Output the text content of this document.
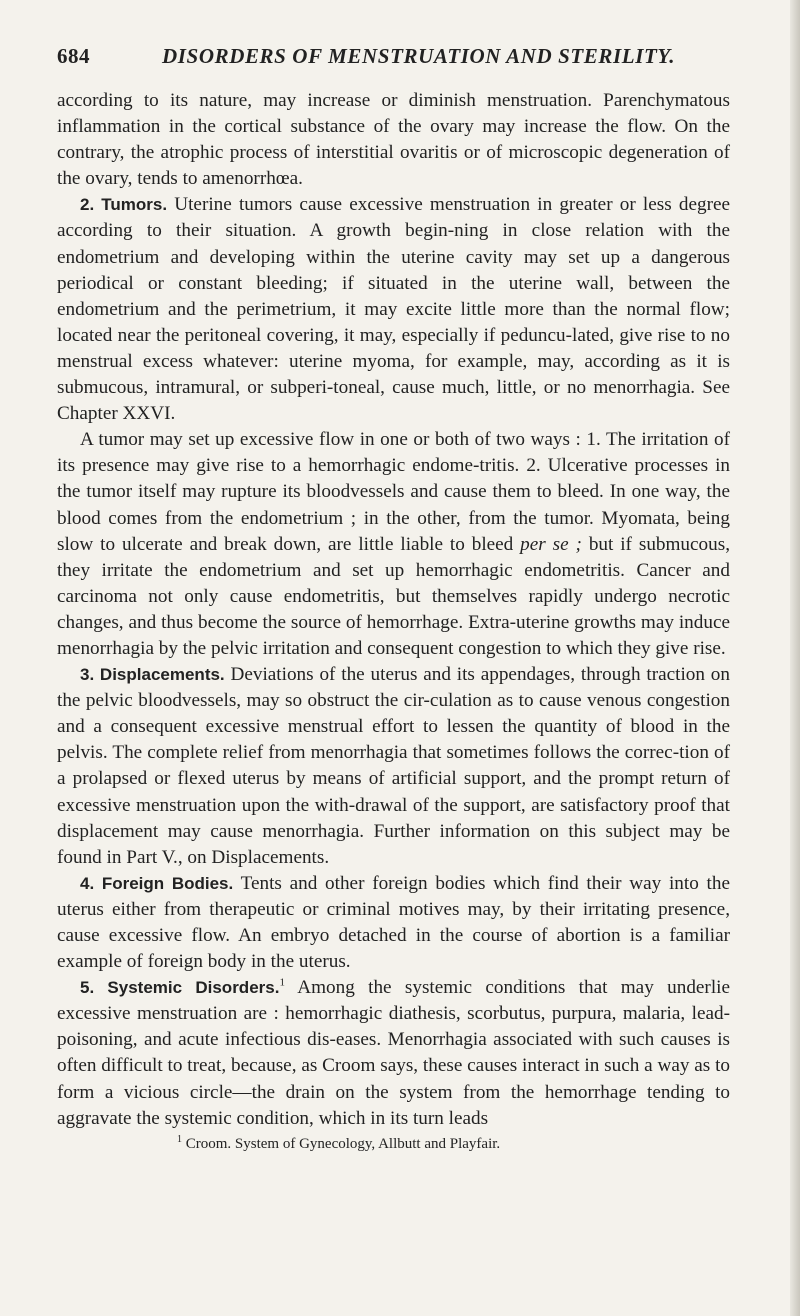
684	DISORDERS OF MENSTRUATION AND STERILITY.

according to its nature, may increase or diminish menstruation. Parenchymatous inflammation in the cortical substance of the ovary may increase the flow. On the contrary, the atrophic process of interstitial ovaritis or of microscopic degeneration of the ovary, tends to amenorrhœa.

2. Tumors. Uterine tumors cause excessive menstruation in greater or less degree according to their situation. A growth begin-ning in close relation with the endometrium and developing within the uterine cavity may set up a dangerous periodical or constant bleeding; if situated in the uterine wall, between the endometrium and the perimetrium, it may excite little more than the normal flow; located near the peritoneal covering, it may, especially if peduncu-lated, give rise to no menstrual excess whatever: uterine myoma, for example, may, according as it is submucous, intramural, or subperi-toneal, cause much, little, or no menorrhagia. See Chapter XXVI.

A tumor may set up excessive flow in one or both of two ways : 1. The irritation of its presence may give rise to a hemorrhagic endome-tritis. 2. Ulcerative processes in the tumor itself may rupture its bloodvessels and cause them to bleed. In one way, the blood comes from the endometrium ; in the other, from the tumor. Myomata, being slow to ulcerate and break down, are little liable to bleed per se ; but if submucous, they irritate the endometrium and set up hemorrhagic endometritis. Cancer and carcinoma not only cause endometritis, but themselves rapidly undergo necrotic changes, and thus become the source of hemorrhage. Extra-uterine growths may induce menorrhagia by the pelvic irritation and consequent congestion to which they give rise.

3. Displacements. Deviations of the uterus and its appendages, through traction on the pelvic bloodvessels, may so obstruct the cir-culation as to cause venous congestion and a consequent excessive menstrual effort to lessen the quantity of blood in the pelvis. The complete relief from menorrhagia that sometimes follows the correc-tion of a prolapsed or flexed uterus by means of artificial support, and the prompt return of excessive menstruation upon the with-drawal of the support, are satisfactory proof that displacement may cause menorrhagia. Further information on this subject may be found in Part V., on Displacements.

4. Foreign Bodies. Tents and other foreign bodies which find their way into the uterus either from therapeutic or criminal motives may, by their irritating presence, cause excessive flow. An embryo detached in the course of abortion is a familiar example of foreign body in the uterus.

5. Systemic Disorders.$^1$ Among the systemic conditions that may underlie excessive menstruation are : hemorrhagic diathesis, scorbutus, purpura, malaria, lead-poisoning, and acute infectious dis-eases. Menorrhagia associated with such causes is often difficult to treat, because, as Croom says, these causes interact in such a way as to form a vicious circle—the drain on the system from the hemorrhage tending to aggravate the systemic condition, which in its turn leads

$^1$ Croom. System of Gynecology, Allbutt and Playfair.
